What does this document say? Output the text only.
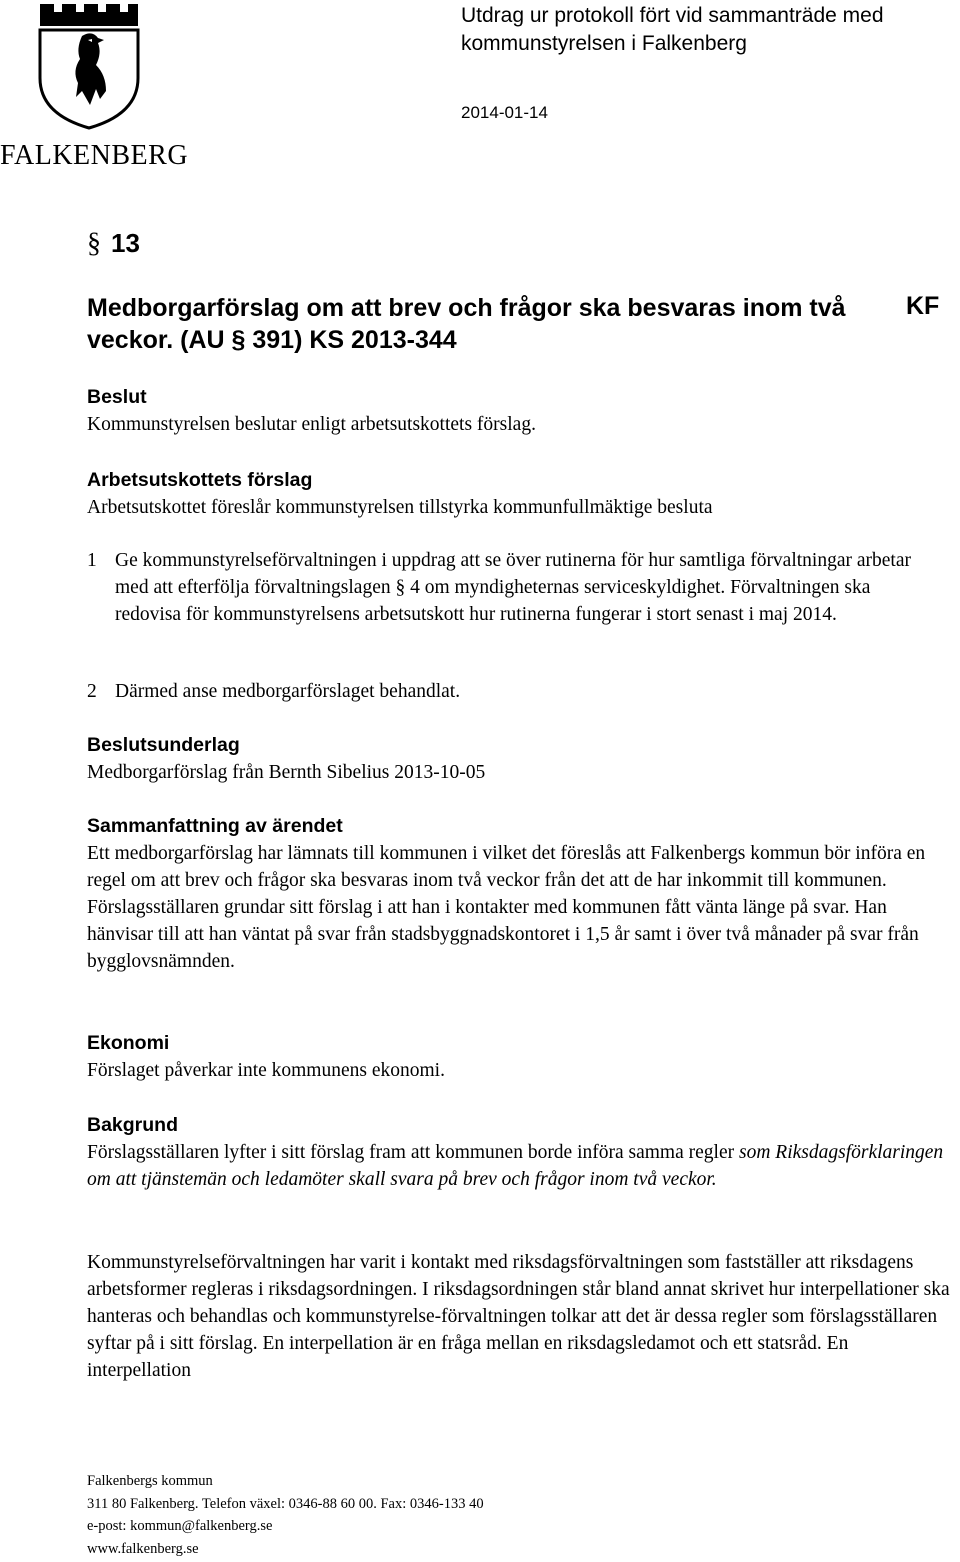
FALKENBERG
Utdrag ur protokoll fört vid sammanträde med kommunstyrelsen i Falkenberg
2014-01-14
§ 13
Medborgarförslag om att brev och frågor ska besvaras inom två veckor. (AU § 391) KS 2013-344
KF
Beslut
Kommunstyrelsen beslutar enligt arbetsutskottets förslag.
Arbetsutskottets förslag
Arbetsutskottet föreslår kommunstyrelsen tillstyrka kommunfullmäktige besluta
1 Ge kommunstyrelseförvaltningen i uppdrag att se över rutinerna för hur samtliga förvaltningar arbetar med att efterfölja förvaltningslagen § 4 om myndigheternas serviceskyldighet. Förvaltningen ska redovisa för kommunstyrelsens arbetsutskott hur rutinerna fungerar i stort senast i maj 2014.
2 Därmed anse medborgarförslaget behandlat.
Beslutsunderlag
Medborgarförslag från Bernth Sibelius 2013-10-05
Sammanfattning av ärendet
Ett medborgarförslag har lämnats till kommunen i vilket det föreslås att Falkenbergs kommun bör införa en regel om att brev och frågor ska besvaras inom två veckor från det att de har inkommit till kommunen. Förslagsställaren grundar sitt förslag i att han i kontakter med kommunen fått vänta länge på svar. Han hänvisar till att han väntat på svar från stadsbyggnadskontoret i 1,5 år samt i över två månader på svar från bygglovsnämnden.
Ekonomi
Förslaget påverkar inte kommunens ekonomi.
Bakgrund
Förslagsställaren lyfter i sitt förslag fram att kommunen borde införa samma regler som Riksdagsförklaringen om att tjänstemän och ledamöter skall svara på brev och frågor inom två veckor.
Kommunstyrelseförvaltningen har varit i kontakt med riksdagsförvaltningen som fastställer att riksdagens arbetsformer regleras i riksdagsordningen. I riksdagsordningen står bland annat skrivet hur interpellationer ska hanteras och behandlas och kommunstyrelse-förvaltningen tolkar att det är dessa regler som förslagsställaren syftar på i sitt förslag. En interpellation är en fråga mellan en riksdagsledamot och ett statsråd. En interpellation
Falkenbergs kommun
311 80 Falkenberg. Telefon växel: 0346-88 60 00. Fax: 0346-133 40
e-post: kommun@falkenberg.se
www.falkenberg.se
